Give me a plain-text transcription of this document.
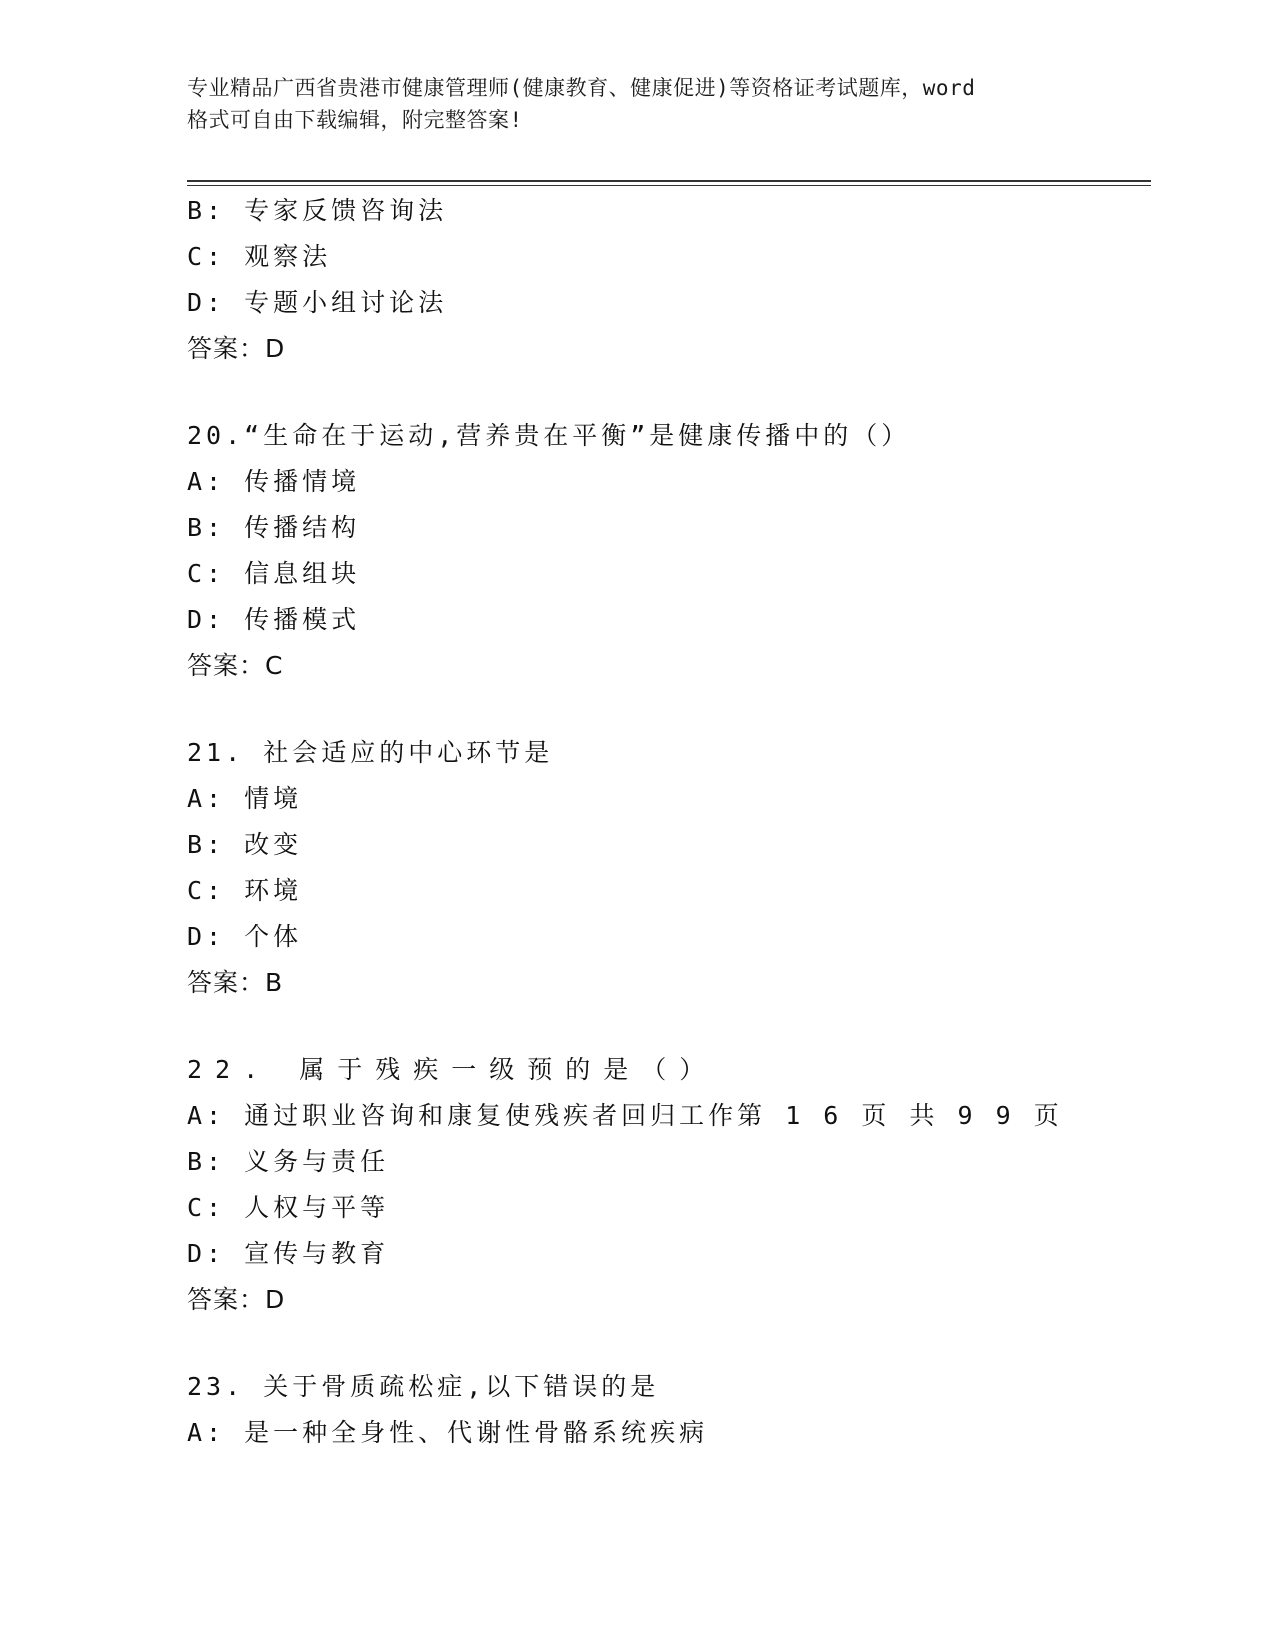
专业精品广西省贵港市健康管理师(健康教育、健康促进)等资格证考试题库，word
格式可自由下载编辑，附完整答案!
B: 专家反馈咨询法
C: 观察法
D: 专题小组讨论法
答案：D
20.“生命在于运动,营养贵在平衡”是健康传播中的（）
A: 传播情境
B: 传播结构
C: 信息组块
D: 传播模式
答案：C
21. 社会适应的中心环节是
A: 情境
B: 改变
C: 环境
D: 个体
答案：B
22. 属于残疾一级预的是（）
A: 通过职业咨询和康复使残疾者回归工作第 1 6 页 共 9 9 页
B: 义务与责任
C: 人权与平等
D: 宣传与教育
答案：D
23. 关于骨质疏松症,以下错误的是
A: 是一种全身性、代谢性骨骼系统疾病
